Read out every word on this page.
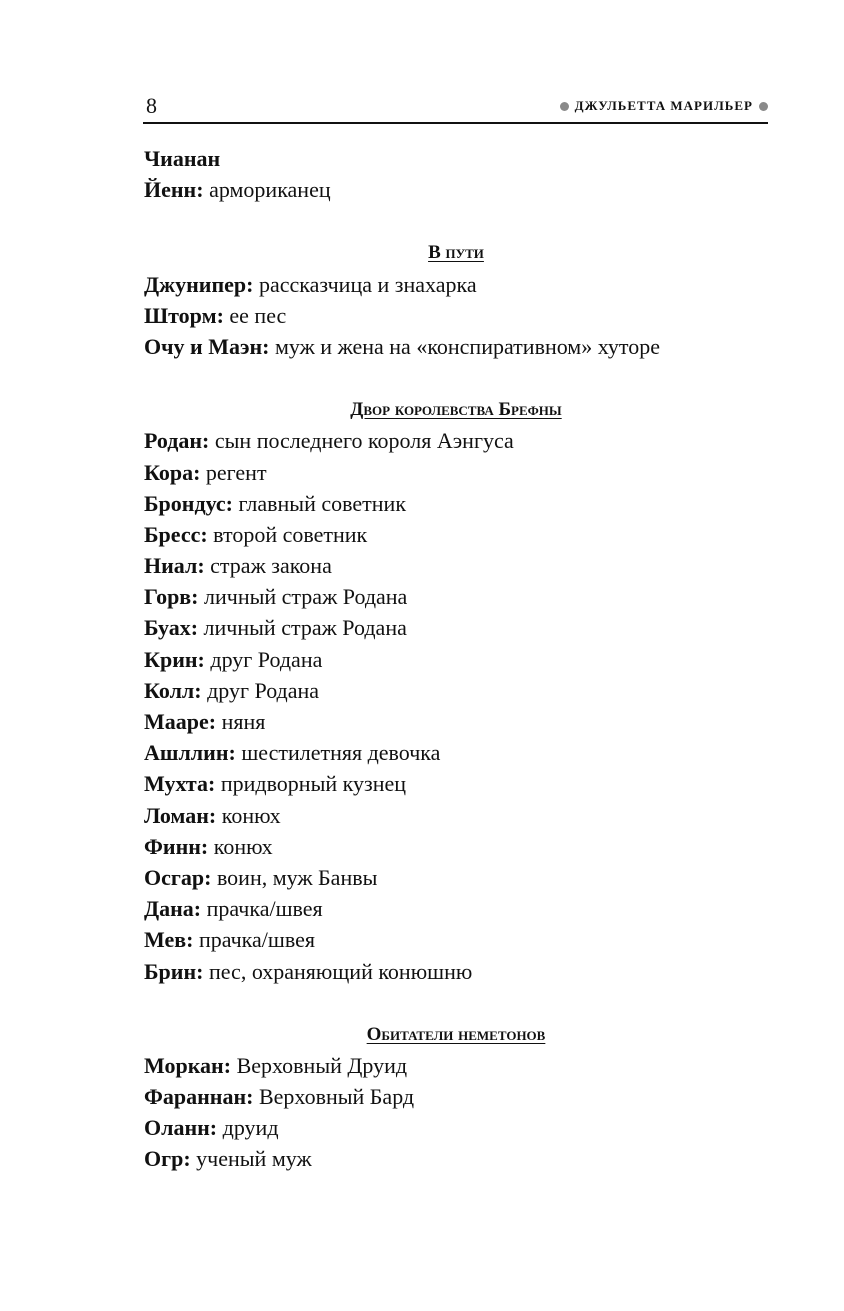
8	ДЖУЛЬЕТТА МАРИЛЬЕР
Чианан
Йенн: армориканец
В пути
Джунипер: рассказчица и знахарка
Шторм: ее пес
Очу и Маэн: муж и жена на «конспиративном» хуторе
Двор королевства Брефны
Родан: сын последнего короля Аэнгуса
Кора: регент
Брондус: главный советник
Бресс: второй советник
Ниал: страж закона
Горв: личный страж Родана
Буах: личный страж Родана
Крин: друг Родана
Колл: друг Родана
Мааре: няня
Ашллин: шестилетняя девочка
Мухта: придворный кузнец
Ломан: конюх
Финн: конюх
Осгар: воин, муж Банвы
Дана: прачка/швея
Мев: прачка/швея
Брин: пес, охраняющий конюшню
Обитатели неметонов
Моркан: Верховный Друид
Фараннан: Верховный Бард
Оланн: друид
Огр: ученый муж
